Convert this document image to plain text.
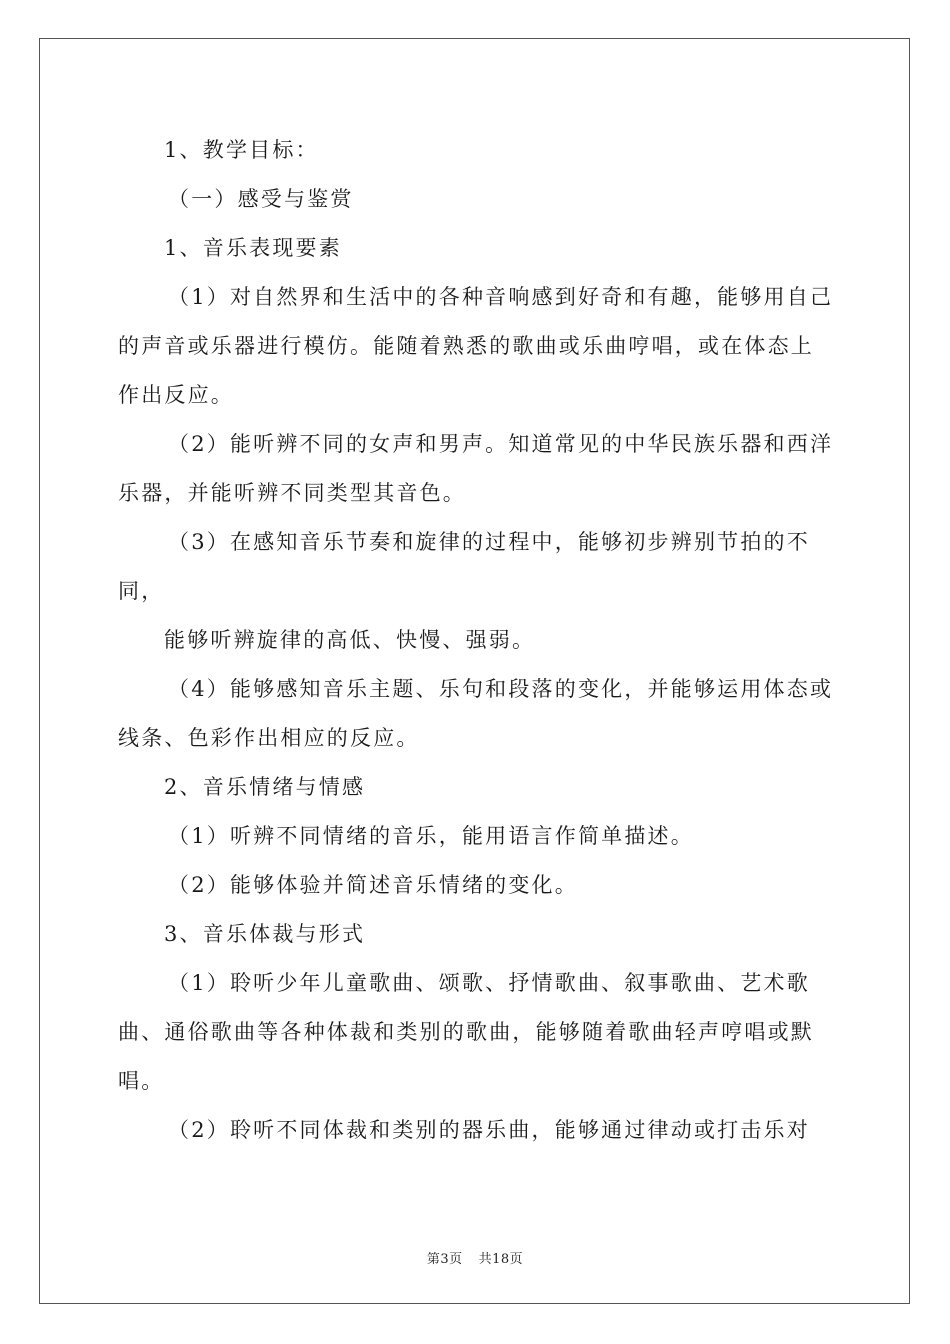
1、教学目标：

（一）感受与鉴赏

1、音乐表现要素

（1）对自然界和生活中的各种音响感到好奇和有趣，能够用自己的声音或乐器进行模仿。能随着熟悉的歌曲或乐曲哼唱，或在体态上作出反应。

（2）能听辨不同的女声和男声。知道常见的中华民族乐器和西洋乐器，并能听辨不同类型其音色。

（3）在感知音乐节奏和旋律的过程中，能够初步辨别节拍的不同，

能够听辨旋律的高低、快慢、强弱。

（4）能够感知音乐主题、乐句和段落的变化，并能够运用体态或线条、色彩作出相应的反应。

2、音乐情绪与情感

（1）听辨不同情绪的音乐，能用语言作简单描述。

（2）能够体验并简述音乐情绪的变化。

3、音乐体裁与形式

（1）聆听少年儿童歌曲、颂歌、抒情歌曲、叙事歌曲、艺术歌曲、通俗歌曲等各种体裁和类别的歌曲，能够随着歌曲轻声哼唱或默唱。

（2）聆听不同体裁和类别的器乐曲，能够通过律动或打击乐对

第3页 共18页
